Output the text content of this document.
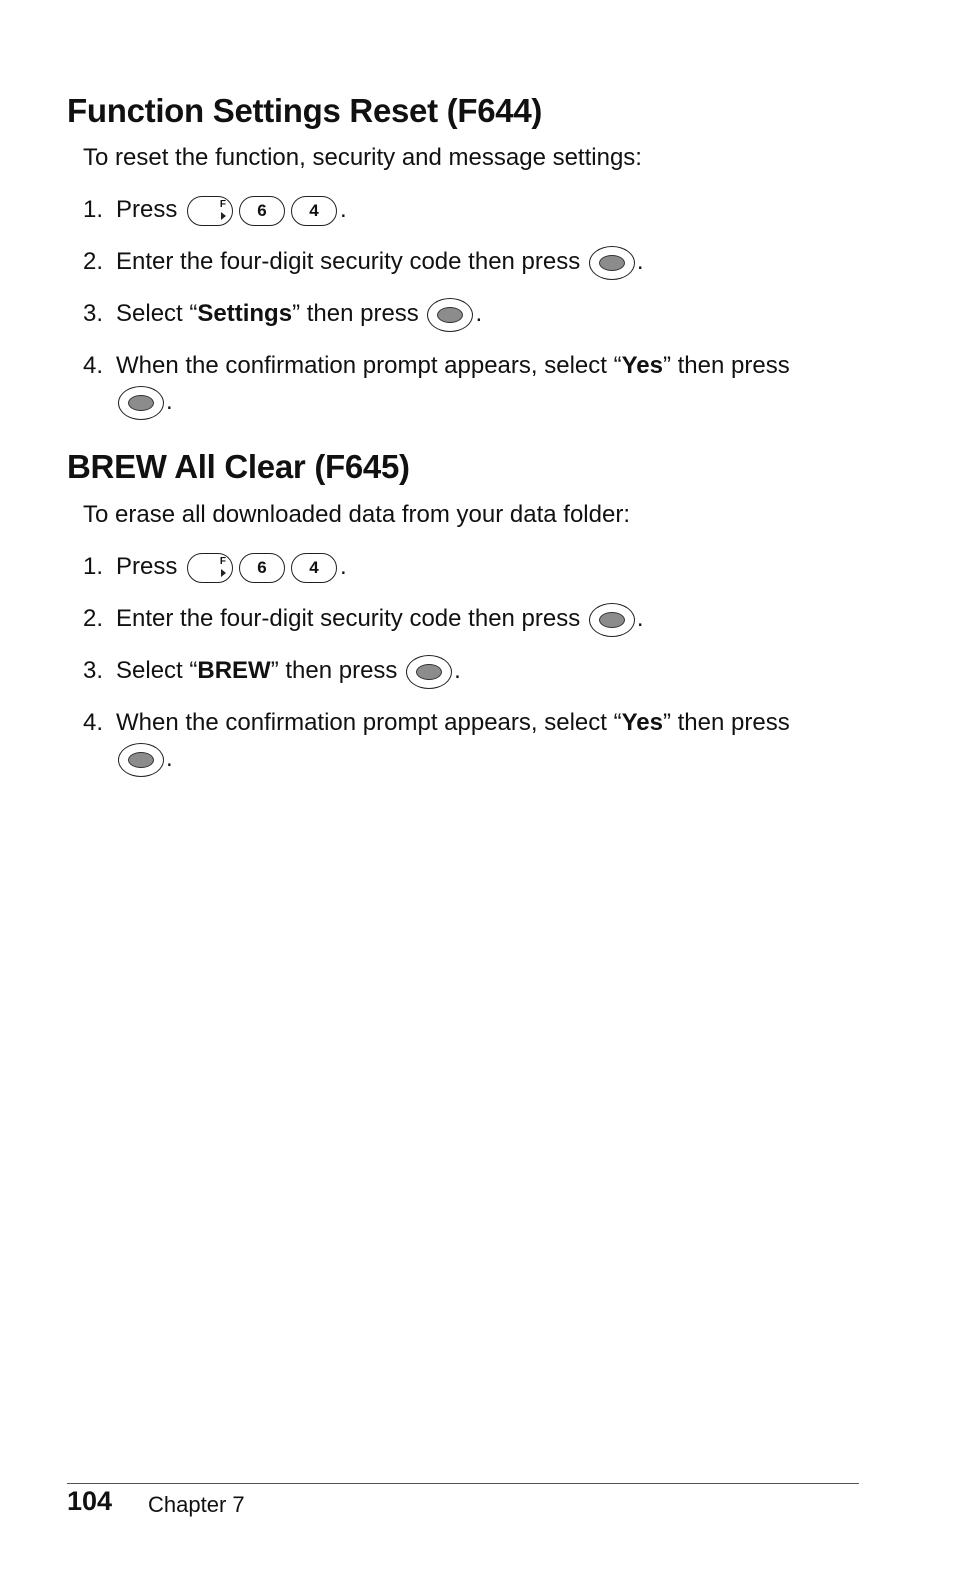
Function Settings Reset (F644)

To reset the function, security and message settings:

1. Press	F 6	4 .
2. Enter the four-digit security code then press .
3. Select “Settings” then press .
4. When the confirmation prompt appears, select “Yes” then press

.
BREW All Clear (F645)

To erase all downloaded data from your data folder:

1. Press	F 6	4 .
2. Enter the four-digit security code then press .
3. Select “BREW” then press .
4. When the confirmation prompt appears, select “Yes” then press

.
104 Chapter 7
